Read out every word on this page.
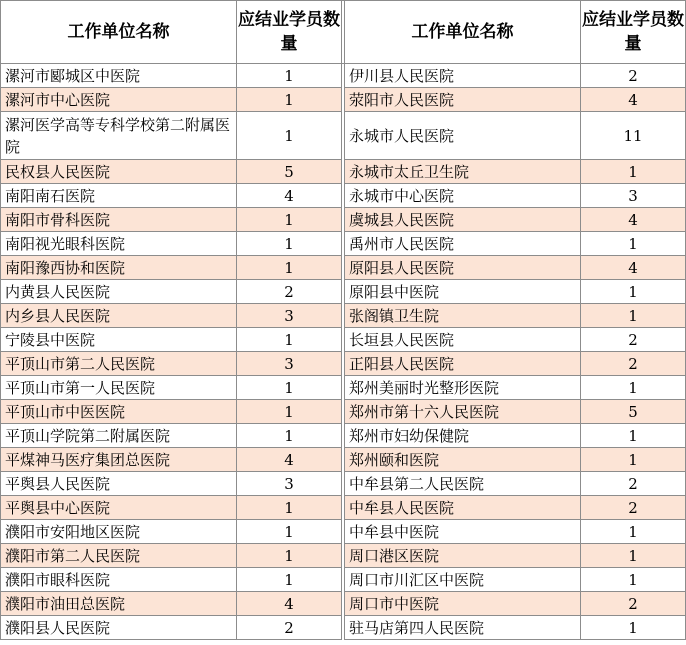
工作单位名称	应结业学员数量		工作单位名称	应结业学员数量
漯河市郾城区中医院	1		伊川县人民医院	2
漯河市中心医院	1		荥阳市人民医院	4
漯河医学高等专科学校第二附属医院	1		永城市人民医院	11
民权县人民医院	5		永城市太丘卫生院	1
南阳南石医院	4		永城市中心医院	3
南阳市骨科医院	1		虞城县人民医院	4
南阳视光眼科医院	1		禹州市人民医院	1
南阳豫西协和医院	1		原阳县人民医院	4
内黄县人民医院	2		原阳县中医院	1
内乡县人民医院	3		张阁镇卫生院	1
宁陵县中医院	1		长垣县人民医院	2
平顶山市第二人民医院	3		正阳县人民医院	2
平顶山市第一人民医院	1		郑州美丽时光整形医院	1
平顶山市中医医院	1		郑州市第十六人民医院	5
平顶山学院第二附属医院	1		郑州市妇幼保健院	1
平煤神马医疗集团总医院	4		郑州颐和医院	1
平舆县人民医院	3		中牟县第二人民医院	2
平舆县中心医院	1		中牟县人民医院	2
濮阳市安阳地区医院	1		中牟县中医院	1
濮阳市第二人民医院	1		周口港区医院	1
濮阳市眼科医院	1		周口市川汇区中医院	1
濮阳市油田总医院	4		周口市中医院	2
濮阳县人民医院	2		驻马店第四人民医院	1
